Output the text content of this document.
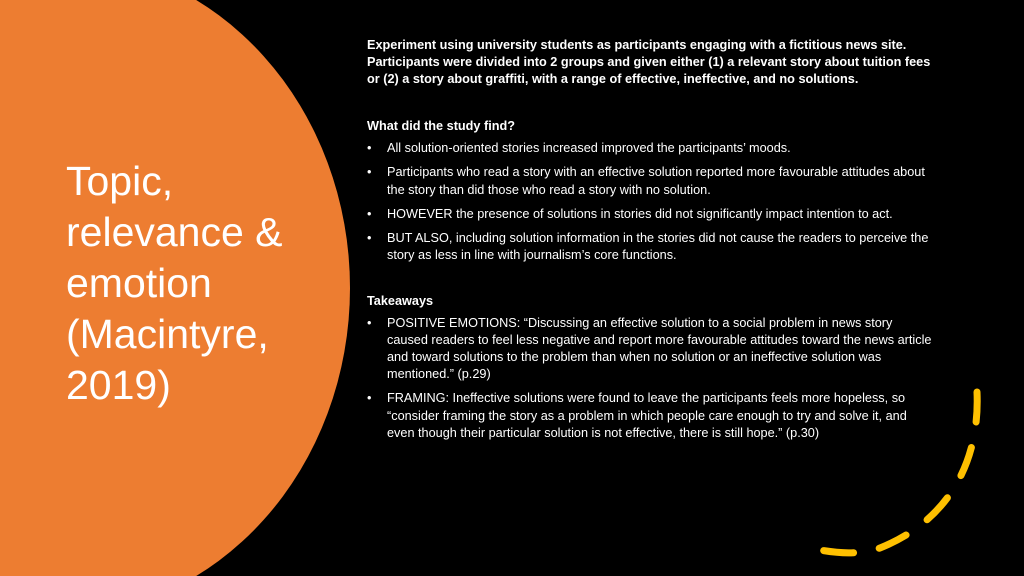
Topic,
relevance &
emotion
(Macintyre,
2019)

Experiment using university students as participants engaging with a fictitious news site. Participants were divided into 2 groups and given either (1) a relevant story about tuition fees or (2) a story about graffiti, with a range of effective, ineffective, and no solutions.

What did the study find?

• All solution-oriented stories increased improved the participants’ moods.
• Participants who read a story with an effective solution reported more favourable attitudes about the story than did those who read a story with no solution.
• HOWEVER the presence of solutions in stories did not significantly impact intention to act.
• BUT ALSO, including solution information in the stories did not cause the readers to perceive the story as less in line with journalism’s core functions.

Takeaways

• POSITIVE EMOTIONS: “Discussing an effective solution to a social problem in news story caused readers to feel less negative and report more favourable attitudes toward the news article and toward solutions to the problem than when no solution or an ineffective solution was mentioned.” (p.29)
• FRAMING: Ineffective solutions were found to leave the participants feels more hopeless, so “consider framing the story as a problem in which people care enough to try and solve it, and even though their particular solution is not effective, there is still hope.” (p.30)
